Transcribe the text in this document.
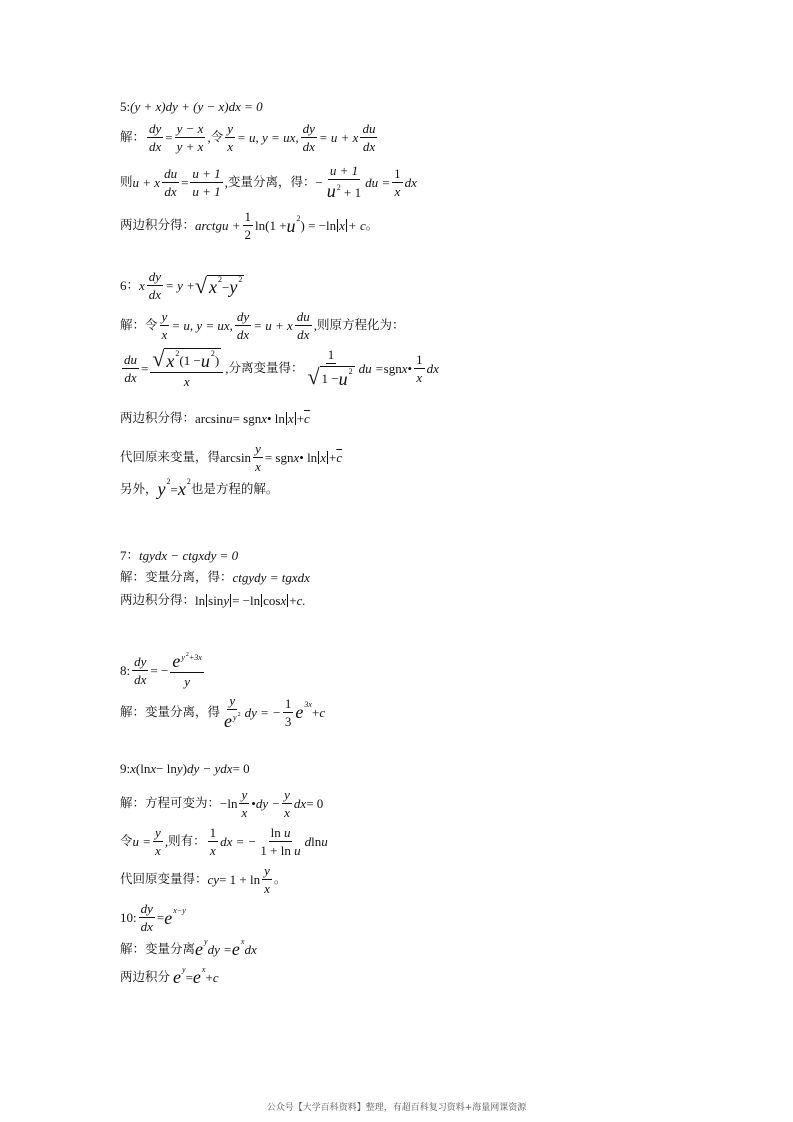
5 : (y + x)dy + (y − x)dx = 0
解： $\frac{dy}{dx} = \frac{y - x}{y + x}$ , 令 $\frac{y}{x} = u$, y = ux, $\frac{dy}{dx} = u + x \frac{du}{dx}$
则 u + x $\frac{du}{dx} = \frac{u + 1}{u + 1}$ , 变量分离，得： − $\frac{u + 1}{u^2 + 1}$ du = $\frac{1}{x}$ dx
两边积分得： arctgu + $\frac{1}{2} \ln(1 + u$ 2 ) = −ln x + c 。
6 ： x $\frac{dy}{dx} = y$ + √ x 2 − y 2
解： 令 $\frac{y}{x} = u$, y = ux, $\frac{dy}{dx} = u + x \frac{du}{dx}$ , 则原方程化为：
$\frac{du}{dx} = \frac{√ x 2 (1 - u 2 )}{x}$ , 分离变量得： $\frac{1}{√ 1 - u 2}$ du = sgn x • $\frac{1}{x}$ dx
两边积分得： arcsin u = sgn x • $\ln x + \overline{c}$
代回原来变量，得 $\arcsin \frac{y}{x}$ = sgn x • $\ln x + \overline{c}$
另外， y 2 = x 2 也是方程的解。
7 ： tgydx − ctgxdy = 0
解： 变量分离，得： ctgydy = tgxdx
两边积分得： ln sin y = −ln cos x + c.
8 : $\frac{dy}{dx}$ = − $\frac{e^{y2+3x}}{y}$
解： 变量分离，得 $\frac{y}{e^{y2}}$ dy = − $\frac{1}{3}$ e 3x + c
9 : x (ln x − ln y ) dy − ydx = 0
解： 方程可变为： $-\ln \frac{y}{x}$ • dy − $\frac{y}{x}$ dx = 0
令 $u = \frac{y}{x}$ , 则有： $\frac{1}{x}$ dx = − $\frac{\text{ln u}}{\text{1 + ln u}}$ d ln u
代回原变量得： cy = $1 + \ln \frac{y}{x}$ 。
10 : $\frac{dy}{dx} = e$ x−y
解： 变量分离 e y dy = e x dx
两边积分 e y = e x + c
公众号【大学百科资料】整理，有超百科复习资料+海量网课资源
